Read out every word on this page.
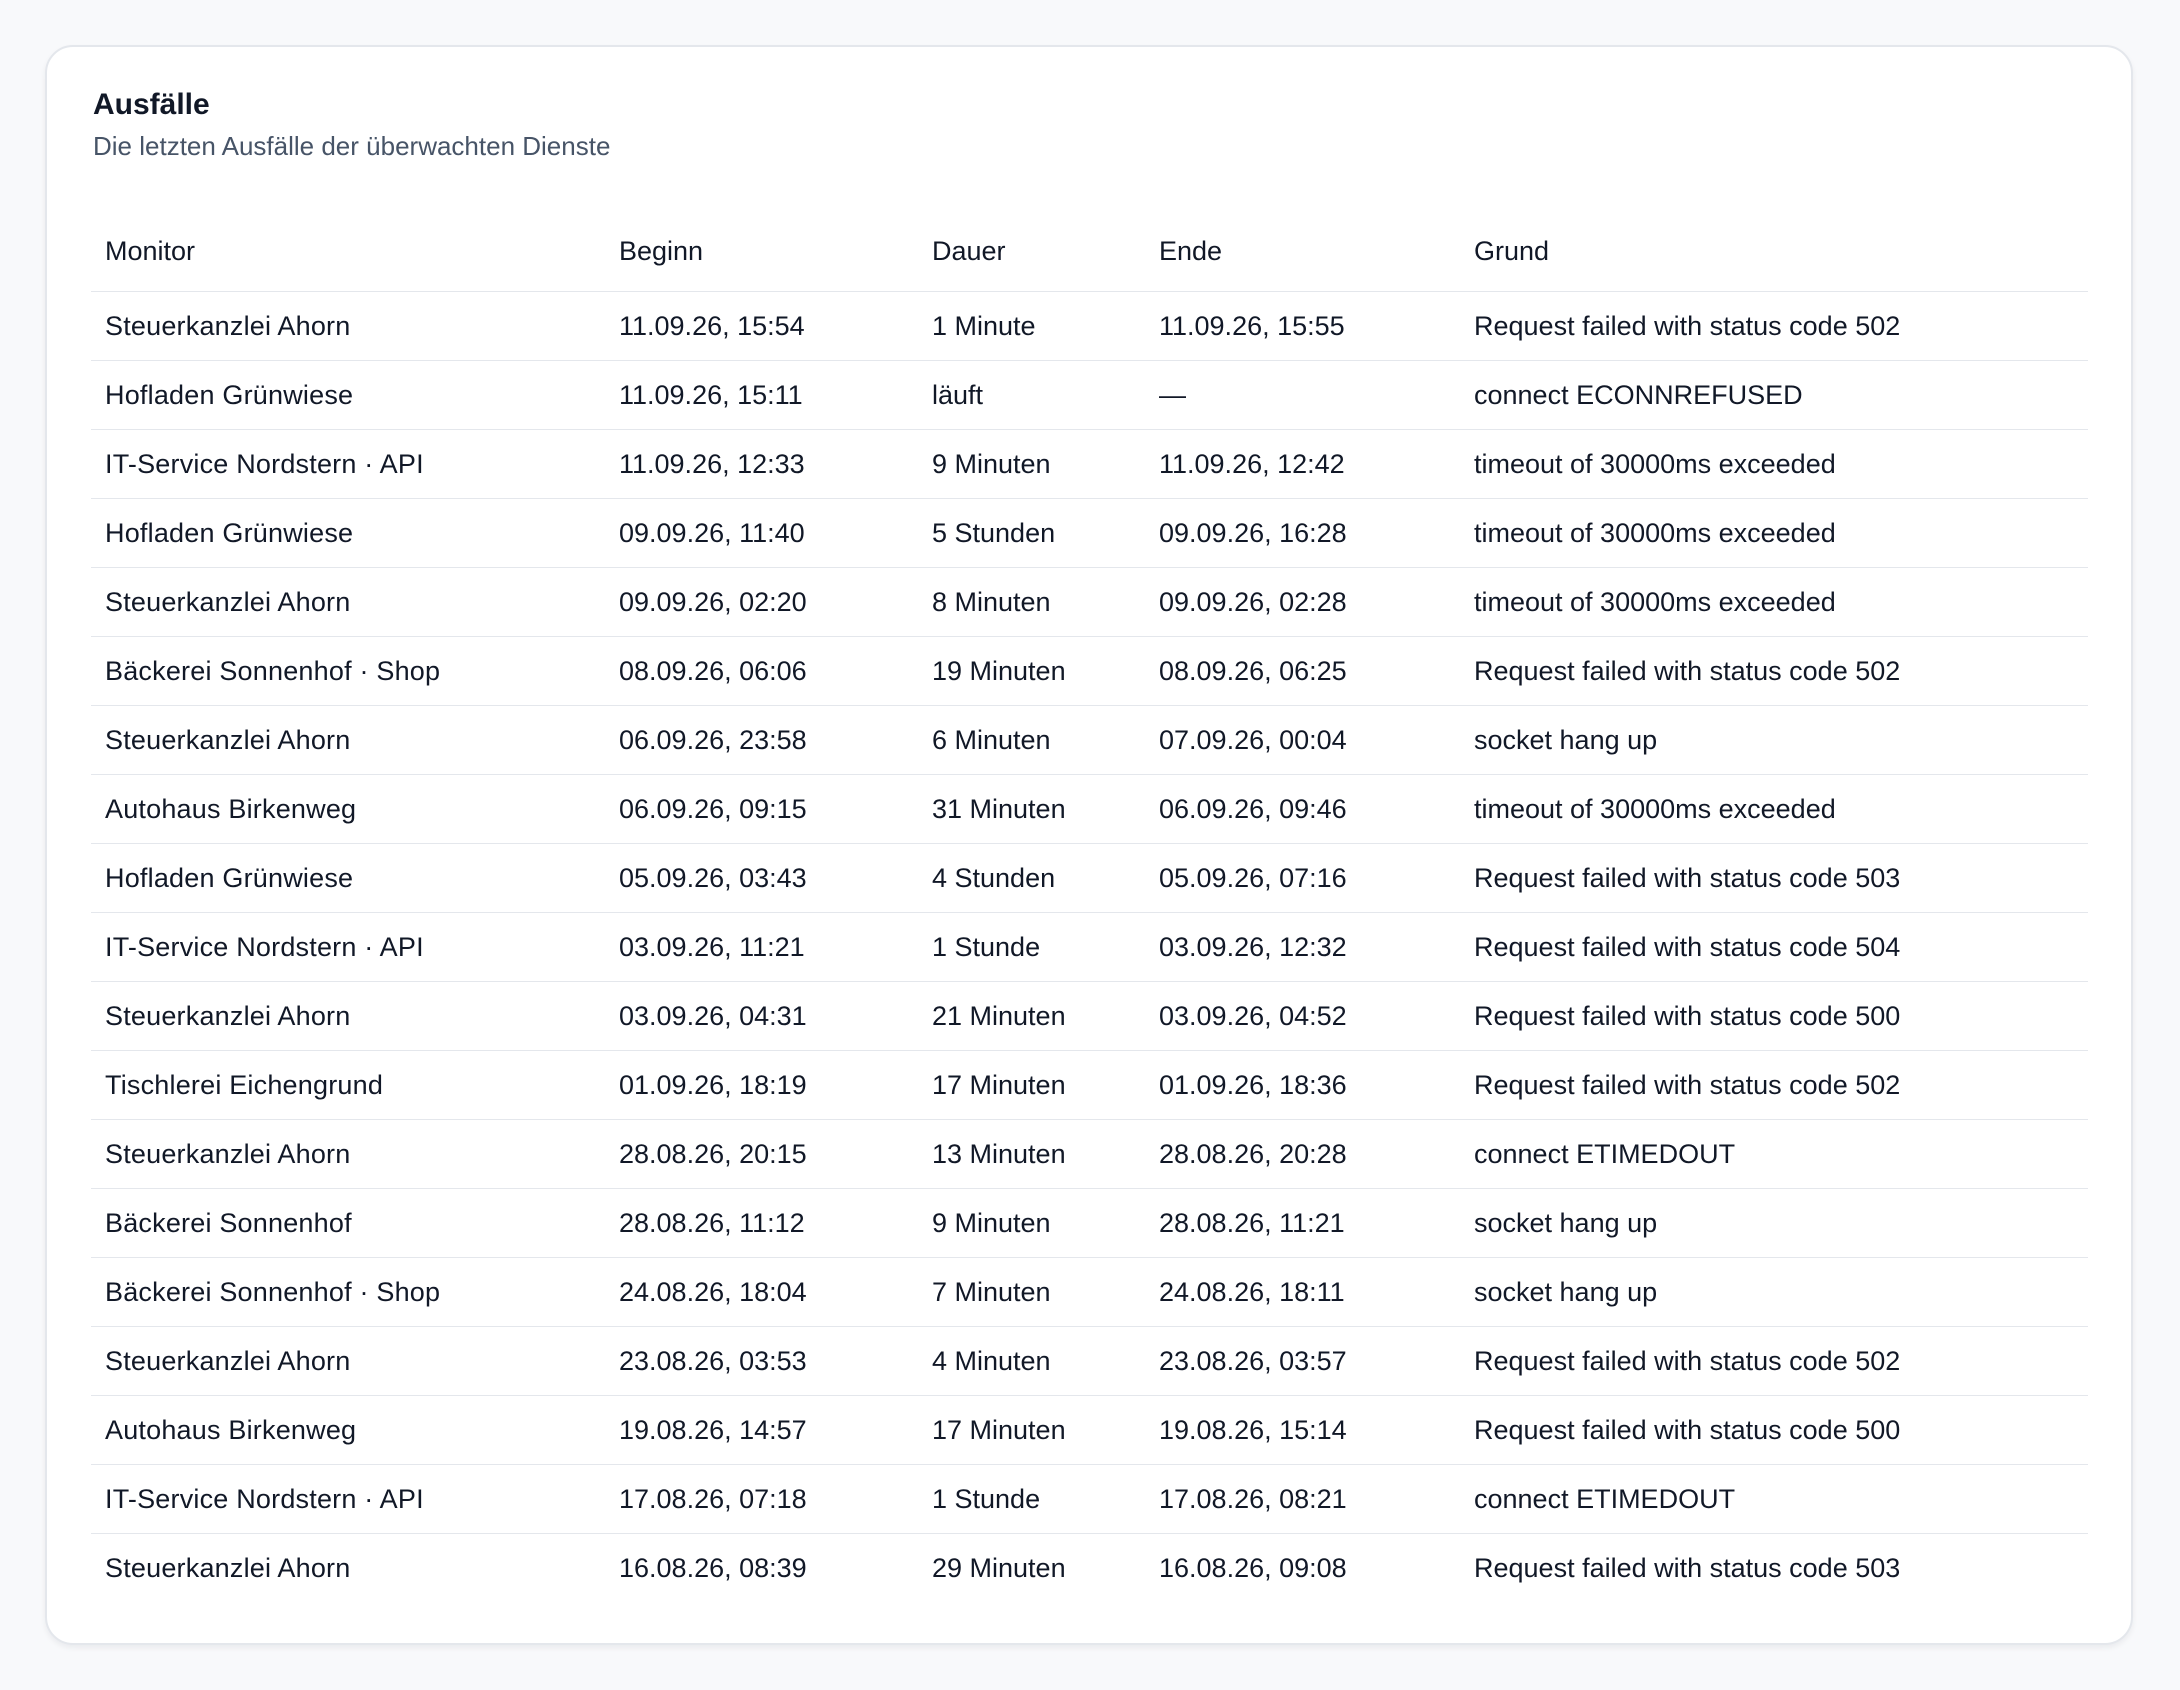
Ausfälle
Die letzten Ausfälle der überwachten Dienste
Monitor	Beginn	Dauer	Ende	Grund
Steuerkanzlei Ahorn	11.09.26, 15:54	1 Minute	11.09.26, 15:55	Request failed with status code 502
Hofladen Grünwiese	11.09.26, 15:11	läuft	—	connect ECONNREFUSED
IT-Service Nordstern · API	11.09.26, 12:33	9 Minuten	11.09.26, 12:42	timeout of 30000ms exceeded
Hofladen Grünwiese	09.09.26, 11:40	5 Stunden	09.09.26, 16:28	timeout of 30000ms exceeded
Steuerkanzlei Ahorn	09.09.26, 02:20	8 Minuten	09.09.26, 02:28	timeout of 30000ms exceeded
Bäckerei Sonnenhof · Shop	08.09.26, 06:06	19 Minuten	08.09.26, 06:25	Request failed with status code 502
Steuerkanzlei Ahorn	06.09.26, 23:58	6 Minuten	07.09.26, 00:04	socket hang up
Autohaus Birkenweg	06.09.26, 09:15	31 Minuten	06.09.26, 09:46	timeout of 30000ms exceeded
Hofladen Grünwiese	05.09.26, 03:43	4 Stunden	05.09.26, 07:16	Request failed with status code 503
IT-Service Nordstern · API	03.09.26, 11:21	1 Stunde	03.09.26, 12:32	Request failed with status code 504
Steuerkanzlei Ahorn	03.09.26, 04:31	21 Minuten	03.09.26, 04:52	Request failed with status code 500
Tischlerei Eichengrund	01.09.26, 18:19	17 Minuten	01.09.26, 18:36	Request failed with status code 502
Steuerkanzlei Ahorn	28.08.26, 20:15	13 Minuten	28.08.26, 20:28	connect ETIMEDOUT
Bäckerei Sonnenhof	28.08.26, 11:12	9 Minuten	28.08.26, 11:21	socket hang up
Bäckerei Sonnenhof · Shop	24.08.26, 18:04	7 Minuten	24.08.26, 18:11	socket hang up
Steuerkanzlei Ahorn	23.08.26, 03:53	4 Minuten	23.08.26, 03:57	Request failed with status code 502
Autohaus Birkenweg	19.08.26, 14:57	17 Minuten	19.08.26, 15:14	Request failed with status code 500
IT-Service Nordstern · API	17.08.26, 07:18	1 Stunde	17.08.26, 08:21	connect ETIMEDOUT
Steuerkanzlei Ahorn	16.08.26, 08:39	29 Minuten	16.08.26, 09:08	Request failed with status code 503
